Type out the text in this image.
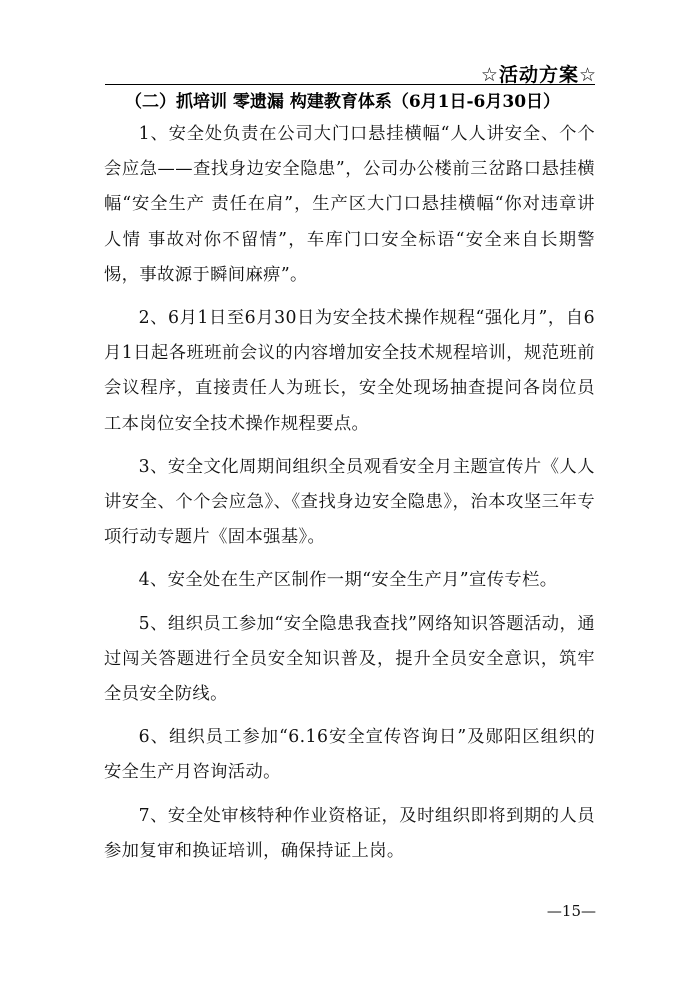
☆活动方案☆
（二）抓培训 零遗漏 构建教育体系（6月1日-6月30日）

1、安全处负责在公司大门口悬挂横幅“人人讲安全、个个会应急——查找身边安全隐患”，公司办公楼前三岔路口悬挂横幅“安全生产 责任在肩”，生产区大门口悬挂横幅“你对违章讲人情 事故对你不留情”，车库门口安全标语“安全来自长期警惕，事故源于瞬间麻痹”。

2、6月1日至6月30日为安全技术操作规程“强化月”，自6月1日起各班班前会议的内容增加安全技术规程培训，规范班前会议程序，直接责任人为班长，安全处现场抽查提问各岗位员工本岗位安全技术操作规程要点。

3、安全文化周期间组织全员观看安全月主题宣传片《人人讲安全、个个会应急》、《查找身边安全隐患》，治本攻坚三年专项行动专题片《固本强基》。

4、安全处在生产区制作一期“安全生产月”宣传专栏。

5、组织员工参加“安全隐患我查找”网络知识答题活动，通过闯关答题进行全员安全知识普及，提升全员安全意识，筑牢全员安全防线。

6、组织员工参加“6.16安全宣传咨询日”及郧阳区组织的安全生产月咨询活动。

7、安全处审核特种作业资格证，及时组织即将到期的人员参加复审和换证培训，确保持证上岗。

—15—
